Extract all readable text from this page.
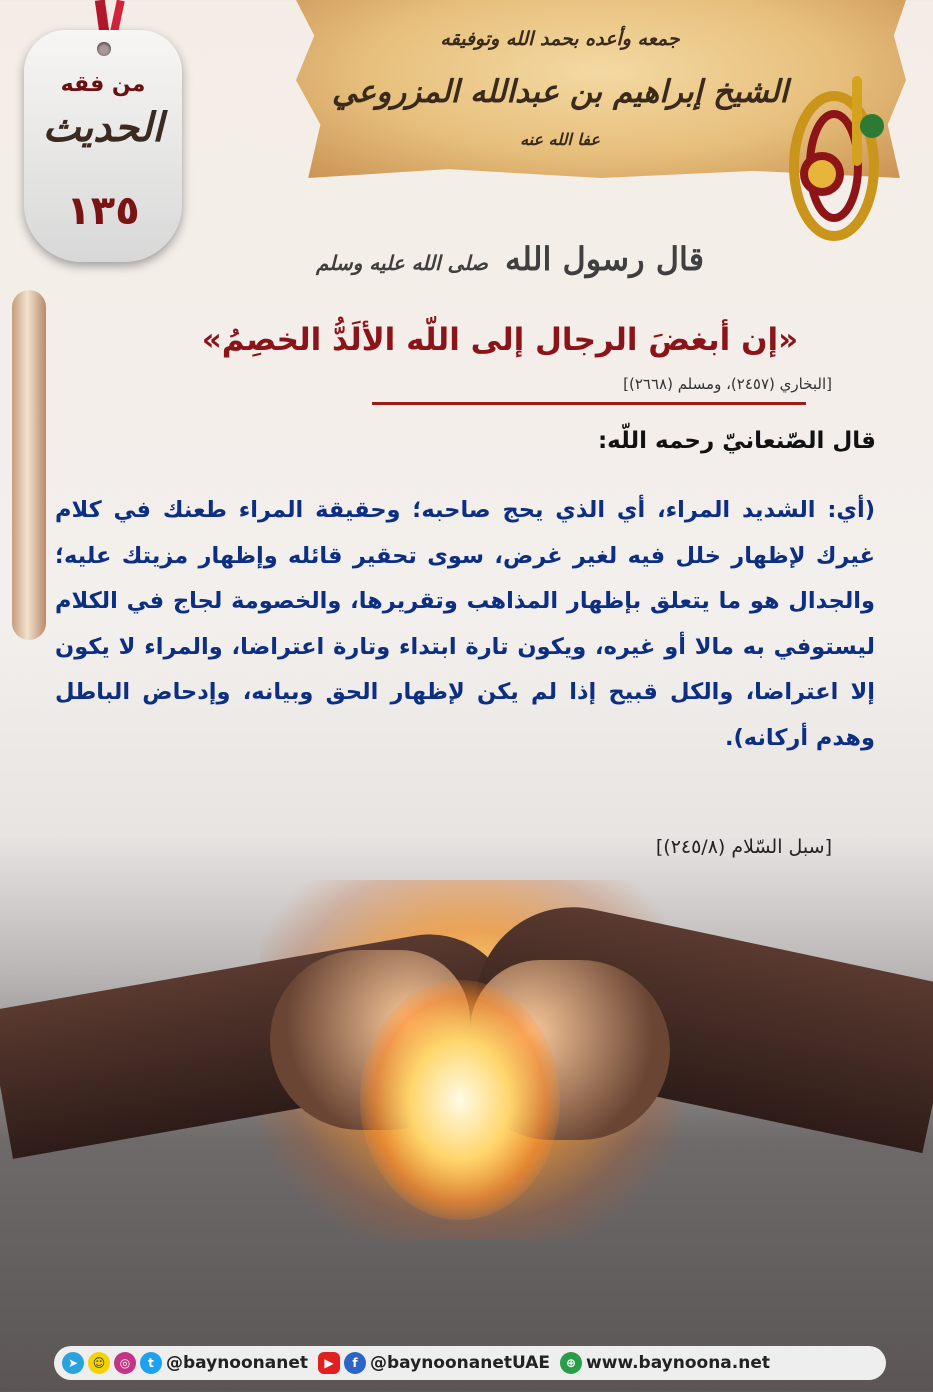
جمعه وأعده بحمد الله وتوفيقه
الشيخ إبراهيم بن عبدالله المزروعي
عفا الله عنه
من فقه
الحديث
١٣٥
قال رسول الله صلى الله عليه وسلم
«إن أبغضَ الرجال إلى اللّه الألَدُّ الخصِمُ»
[البخاري (٢٤٥٧)، ومسلم (٢٦٦٨)]
قال الصّنعانيّ رحمه اللّه:
(أي: الشديد المراء، أي الذي يحج صاحبه؛ وحقيقة المراء طعنك في كلام غيرك لإظهار خلل فيه لغير غرض، سوى تحقير قائله وإظهار مزيتك عليه؛ والجدال هو ما يتعلق بإظهار المذاهب وتقريرها، والخصومة لجاج في الكلام ليستوفي به مالا أو غيره، ويكون تارة ابتداء وتارة اعتراضا، والمراء لا يكون إلا اعتراضا، والكل قبيح إذا لم يكن لإظهار الحق وبيانه، وإدحاض الباطل وهدم أركانه).
[سبل السّلام (٢٤٥/٨)]
➤	☺	◎	t @baynoonanet	▶	f @baynoonanetUAE	⊕ www.baynoona.net
